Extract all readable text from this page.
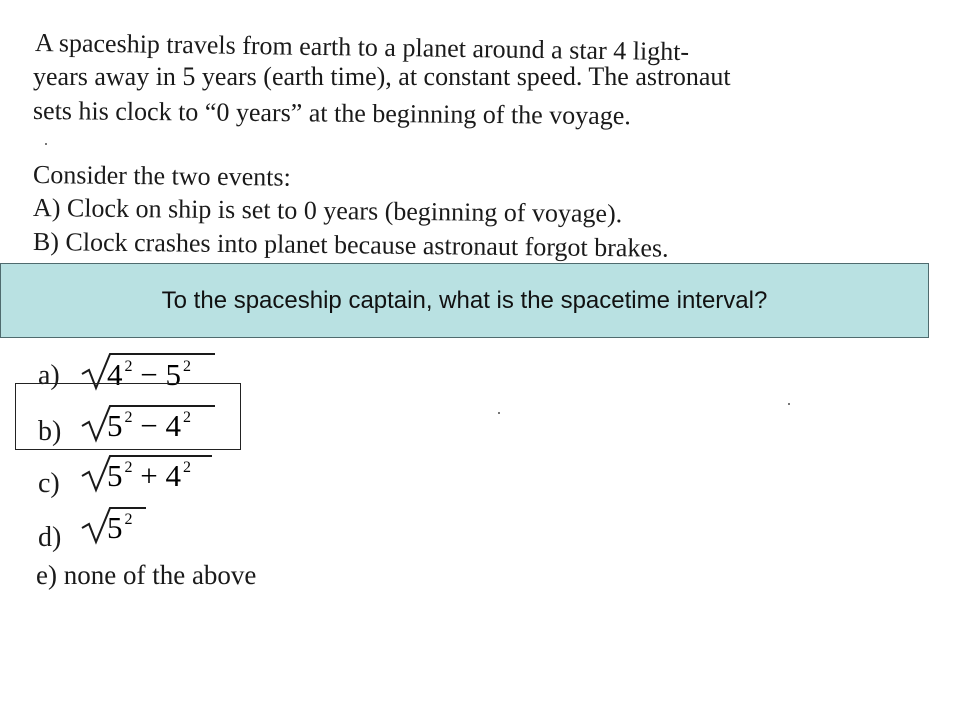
A spaceship travels from earth to a planet around a star 4 light-
years away in 5 years (earth time), at constant speed. The astronaut
sets his clock to “0 years” at the beginning of the voyage.
Consider the two events:
A) Clock on ship is set to 0 years (beginning of voyage).
B) Clock crashes into planet because astronaut forgot brakes.
To the spaceship captain, what is the spacetime interval?
a) 4 $^2$ − 5 $^2$
b) 5 $^2$ − 4 $^2$
c) 5 $^2$ + 4 $^2$
d) 5 $^2$
e) none of the above
